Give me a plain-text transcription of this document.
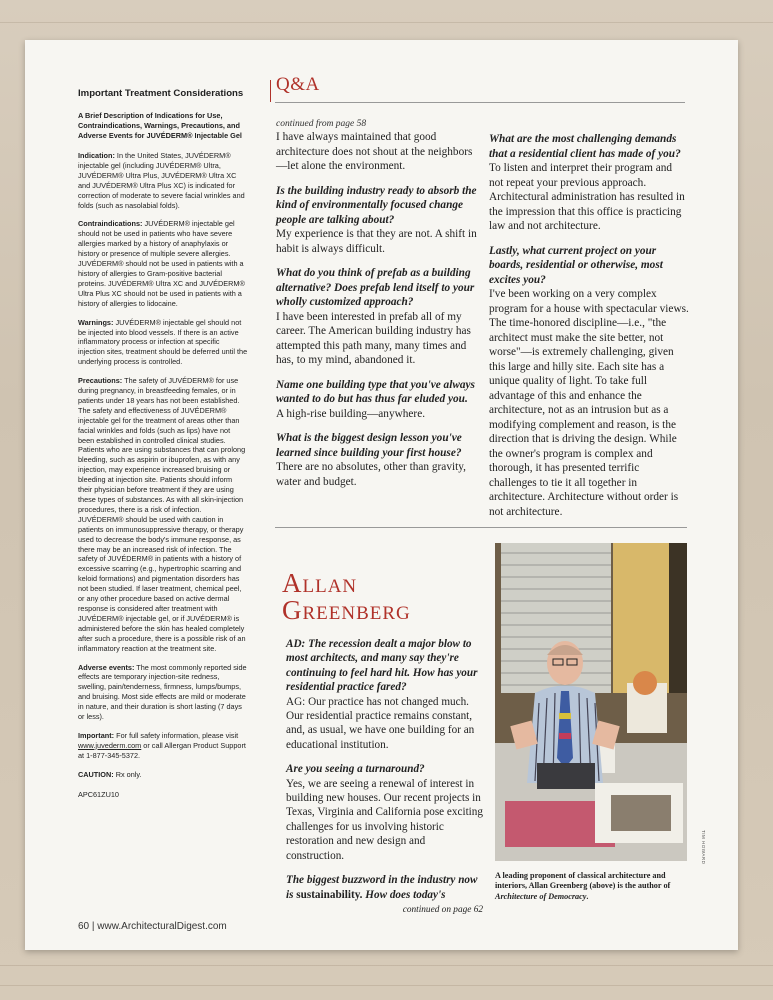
Important Treatment Considerations
A Brief Description of Indications for Use, Contraindications, Warnings, Precautions, and Adverse Events for JUVÉDERM® Injectable Gel

Indication: In the United States, JUVÉDERM® injectable gel (including JUVÉDERM® Ultra, JUVÉDERM® Ultra Plus, JUVÉDERM® Ultra XC and JUVÉDERM® Ultra Plus XC) is indicated for correction of moderate to severe facial wrinkles and folds (such as nasolabial folds).

Contraindications: JUVÉDERM® injectable gel should not be used in patients who have severe allergies marked by a history of anaphylaxis or history or presence of multiple severe allergies. JUVÉDERM® should not be used in patients with a history of allergies to Gram-positive bacterial proteins. JUVÉDERM® Ultra XC and JUVÉDERM® Ultra Plus XC should not be used in patients with a history of allergies to lidocaine.

Warnings: JUVÉDERM® injectable gel should not be injected into blood vessels. If there is an active inflammatory process or infection at specific injection sites, treatment should be deferred until the underlying process is controlled.

Precautions: The safety of JUVÉDERM® for use during pregnancy, in breastfeeding females, or in patients under 18 years has not been established. The safety and effectiveness of JUVÉDERM® injectable gel for the treatment of areas other than facial wrinkles and folds (such as lips) have not been established in controlled clinical studies. Patients who are using substances that can prolong bleeding, such as aspirin or ibuprofen, as with any injection, may experience increased bruising or bleeding at injection site. Patients should inform their physician before treatment if they are using these types of substances. As with all skin-injection procedures, there is a risk of infection. JUVÉDERM® should be used with caution in patients on immunosuppressive therapy, or therapy used to decrease the body's immune response, as there may be an increased risk of infection. The safety of JUVÉDERM® in patients with a history of excessive scarring (e.g., hypertrophic scarring and keloid formations) and pigmentation disorders has not been studied. If laser treatment, chemical peel, or any other procedure based on active dermal response is considered after treatment with JUVÉDERM® injectable gel, or if JUVÉDERM® is administered before the skin has healed completely after such a procedure, there is a possible risk of an inflammatory reaction at the treatment site.

Adverse events: The most commonly reported side effects are temporary injection-site redness, swelling, pain/tenderness, firmness, lumps/bumps, and bruising. Most side effects are mild or moderate in nature, and their duration is short lasting (7 days or less).

Important: For full safety information, please visit www.juvederm.com or call Allergan Product Support at 1-877-345-5372.

CAUTION: Rx only.

APC61ZU10
Q&A
continued from page 58

I have always maintained that good architecture does not shout at the neighbors—let alone the environment.

Is the building industry ready to absorb the kind of environmentally focused change people are talking about?

My experience is that they are not. A shift in habit is always difficult.

What do you think of prefab as a building alternative? Does prefab lend itself to your wholly customized approach?

I have been interested in prefab all of my career. The American building industry has attempted this path many, many times and has, to my mind, abandoned it.

Name one building type that you've always wanted to do but has thus far eluded you.

A high-rise building—anywhere.

What is the biggest design lesson you've learned since building your first house?

There are no absolutes, other than gravity, water and budget.

What are the most challenging demands that a residential client has made of you?

To listen and interpret their program and not repeat your previous approach. Architectural administration has resulted in the impression that this office is practicing law and not architecture.

Lastly, what current project on your boards, residential or otherwise, most excites you?

I've been working on a very complex program for a house with spectacular views. The time-honored discipline—i.e., "the architect must make the site better, not worse"—is extremely challenging, given this large and hilly site. Each site has a unique quality of light. To take full advantage of this and enhance the architecture, not as an intrusion but as a modifying complement and reason, is the direction that is driving the design. While the owner's program is complex and thorough, it has presented terrific challenges to tie it all together in architecture. Architecture without order is not architecture.

Allan
Greenberg
AD: The recession dealt a major blow to most architects, and many say they're continuing to feel hard hit. How has your residential practice fared?

AG: Our practice has not changed much. Our residential practice remains constant, and, as usual, we have one building for an educational institution.

Are you seeing a turnaround?

Yes, we are seeing a renewal of interest in building new houses. Our recent projects in Texas, Virginia and California pose exciting challenges for us involving historic restoration and new design and construction.

The biggest buzzword in the industry now is sustainability. How does today's
continued on page 62
A leading proponent of classical architecture and interiors, Allan Greenberg (above) is the author of Architecture of Democracy.
TIM HOWARD
60 | www.ArchitecturalDigest.com
